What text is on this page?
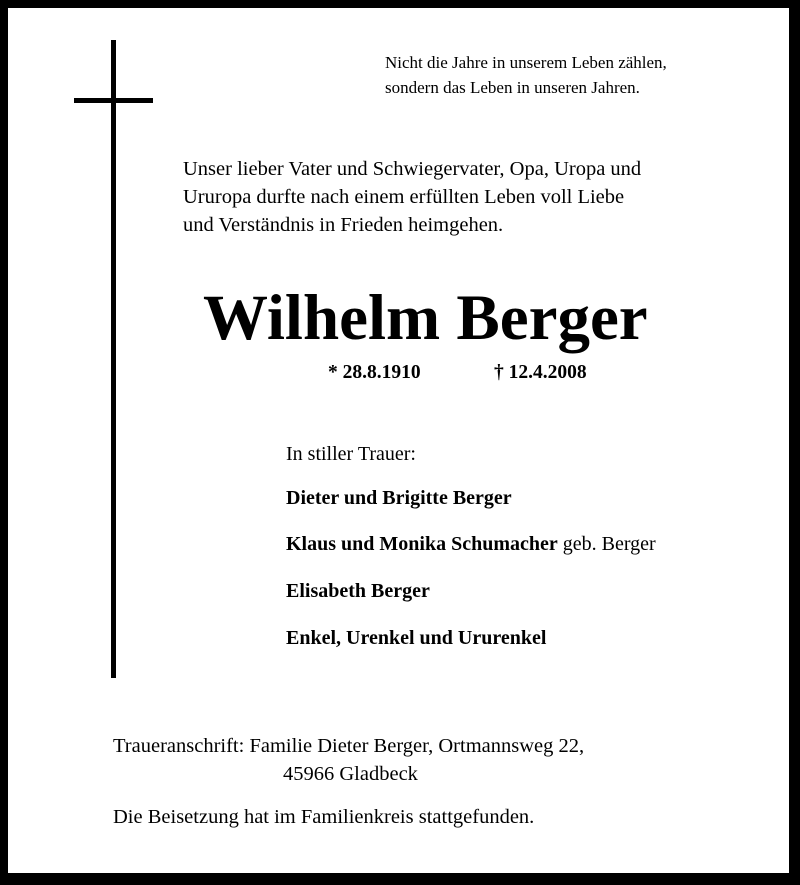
Nicht die Jahre in unserem Leben zählen,
sondern das Leben in unseren Jahren.
Unser lieber Vater und Schwiegervater, Opa, Uropa und
Ururopa durfte nach einem erfüllten Leben voll Liebe
und Verständnis in Frieden heimgehen.
Wilhelm Berger
* 28.8.1910	† 12.4.2008
In stiller Trauer:
Dieter und Brigitte Berger
Klaus und Monika Schumacher geb. Berger
Elisabeth Berger
Enkel, Urenkel und Ururenkel
Traueranschrift: Familie Dieter Berger, Ortmannsweg 22,
45966 Gladbeck
Die Beisetzung hat im Familienkreis stattgefunden.
